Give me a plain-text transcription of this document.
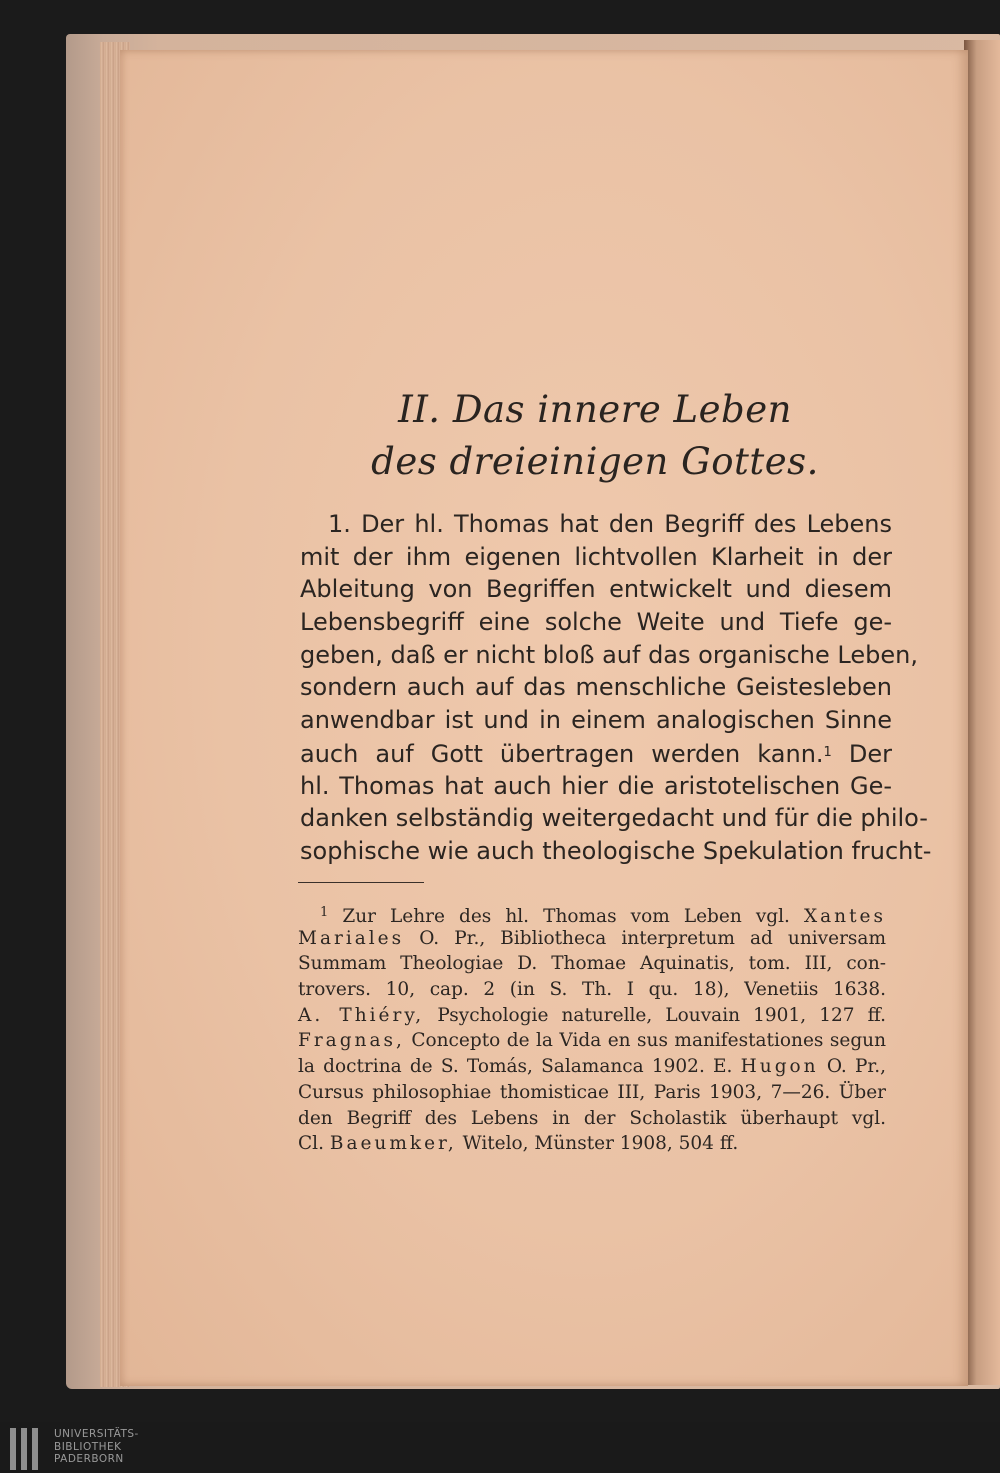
II. Das innere Leben
des dreieinigen Gottes.
1. Der hl. Thomas hat den Begriff des Lebens
mit der ihm eigenen lichtvollen Klarheit in der
Ableitung von Begriffen entwickelt und diesem
Lebensbegriff eine solche Weite und Tiefe ge-
geben, daß er nicht bloß auf das organische Leben,
sondern auch auf das menschliche Geistesleben
anwendbar ist und in einem analogischen Sinne
auch auf Gott übertragen werden kann.$^1$ Der
hl. Thomas hat auch hier die aristotelischen Ge-
danken selbständig weitergedacht und für die philo-
sophische wie auch theologische Spekulation frucht-
$^1$ Zur Lehre des hl. Thomas vom Leben vgl. Xantes
Mariales O. Pr., Bibliotheca interpretum ad universam
Summam Theologiae D. Thomae Aquinatis, tom. III, con-
trovers. 10, cap. 2 (in S. Th. I qu. 18), Venetiis 1638.
A. Thiéry, Psychologie naturelle, Louvain 1901, 127 ff.
Fragnas, Concepto de la Vida en sus manifestationes segun
la doctrina de S. Tomás, Salamanca 1902. E. Hugon O. Pr.,
Cursus philosophiae thomisticae III, Paris 1903, 7—26. Über
den Begriff des Lebens in der Scholastik überhaupt vgl.
Cl. Baeumker, Witelo, Münster 1908, 504 ff.
UNIVERSITÄTS-
BIBLIOTHEK
PADERBORN
